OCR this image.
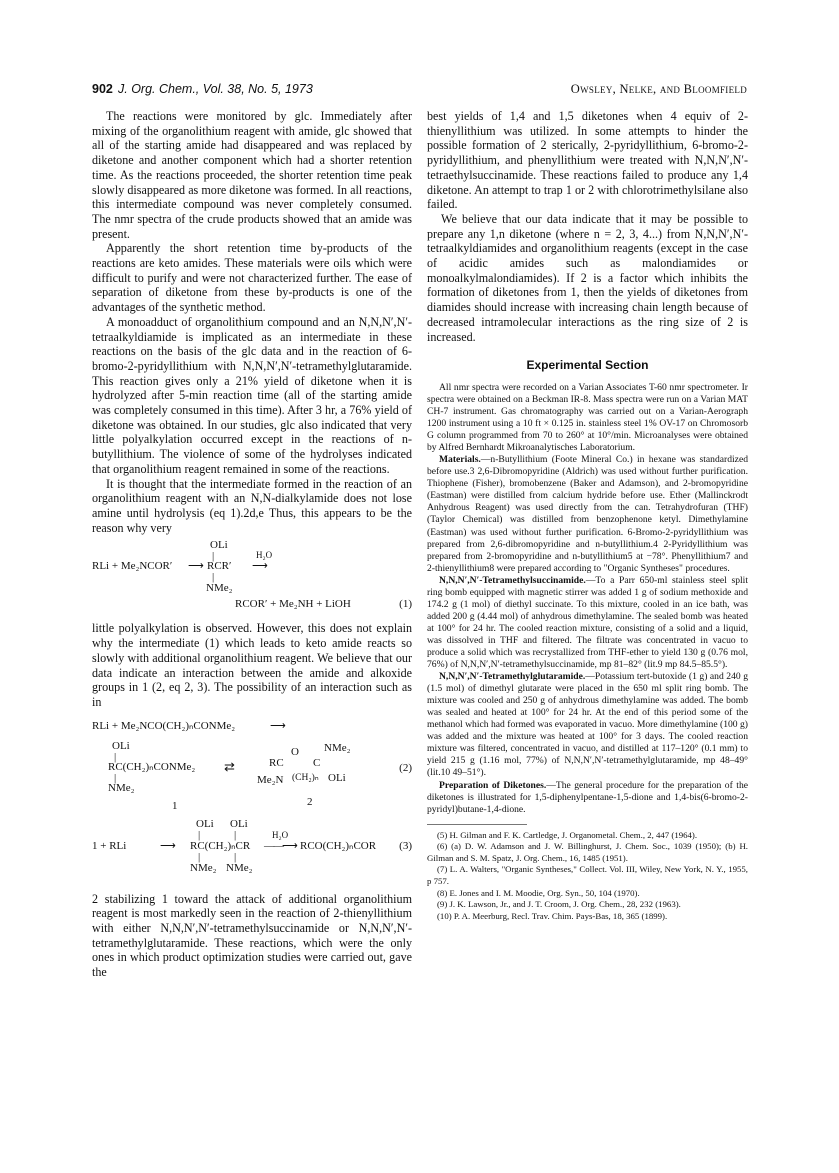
902 J. Org. Chem., Vol. 38, No. 5, 1973	Owsley, Nelke, and Bloomfield

The reactions were monitored by glc. Immediately after mixing of the organolithium reagent with amide, glc showed that all of the starting amide had disappeared and was replaced by diketone and another component which had a shorter retention time. As the reactions proceeded, the shorter retention time peak slowly disappeared as more diketone was formed. In all reactions, this intermediate compound was never completely consumed. The nmr spectra of the crude products showed that an amide was present.

Apparently the short retention time by-products of the reactions are keto amides. These materials were oils which were difficult to purify and were not characterized further. The ease of separation of diketone from these by-products is one of the advantages of the synthetic method.

A monoadduct of organolithium compound and an N,N,N′,N′-tetraalkyldiamide is implicated as an intermediate in these reactions on the basis of the glc data and in the reaction of 6-bromo-2-pyridyllithium with N,N,N′,N′-tetramethylglutaramide. This reaction gives only a 21% yield of diketone when it is hydrolyzed after 5-min reaction time (all of the starting amide was completely consumed in this time). After 3 hr, a 76% yield of diketone was obtained. In our studies, glc also indicated that very little polyalkylation occurred except in the reactions of n-butyllithium. The violence of some of the hydrolyses indicated that organolithium reagent remained in some of the reactions.

It is thought that the intermediate formed in the reaction of an organolithium reagent with an N,N-dialkylamide does not lose amine until hydrolysis (eq 1).2d,e Thus, this appears to be the reason why very

OLi
|
RLi + Me₂NCOR′ ⟶ RCR′
H₂O
⟶
|
NMe₂
RCOR′ + Me₂NH + LiOH	(1)

little polyalkylation is observed. However, this does not explain why the intermediate (1) which leads to keto amide reacts so slowly with additional organolithium reagent. We believe that our data indicate an interaction between the amide and alkoxide groups in 1 (2, eq 2, 3). The possibility of an interaction such as in

RLi + Me₂NCO(CH₂)ₙCONMe₂	⟶
OLi
|
RC(CH₂)ₙCONMe₂ ⇄
|
NMe₂
1
RC
O
C
NMe₂
Me₂N (CH₂)ₙ OLi
2
(2)
OLi OLi
|	|
1 + RLi	⟶ RC(CH₂)ₙCR
H₂O
——⟶ RCO(CH₂)ₙCOR (3)
|	|
NMe₂ NMe₂

2 stabilizing 1 toward the attack of additional organolithium reagent is most markedly seen in the reaction of 2-thienyllithium with either N,N,N′,N′-tetramethylsuccinamide or N,N,N′,N′-tetramethylglutaramide. These reactions, which were the only ones in which product optimization studies were carried out, gave the

best yields of 1,4 and 1,5 diketones when 4 equiv of 2-thienyllithium was utilized. In some attempts to hinder the possible formation of 2 sterically, 2-pyridyllithium, 6-bromo-2-pyridyllithium, and phenyllithium were treated with N,N,N′,N′-tetraethylsuccinamide. These reactions failed to produce any 1,4 diketone. An attempt to trap 1 or 2 with chlorotrimethylsilane also failed.

We believe that our data indicate that it may be possible to prepare any 1,n diketone (where n = 2, 3, 4...) from N,N,N′,N′-tetraalkyldiamides and organolithium reagents (except in the case of acidic amides such as malondiamides or monoalkylmalondiamides). If 2 is a factor which inhibits the formation of diketones from 1, then the yields of diketones from diamides should increase with increasing chain length because of decreased intramolecular interactions as the ring size of 2 is increased.

Experimental Section

All nmr spectra were recorded on a Varian Associates T-60 nmr spectrometer. Ir spectra were obtained on a Beckman IR-8. Mass spectra were run on a Varian MAT CH-7 instrument. Gas chromatography was carried out on a Varian-Aerograph 1200 instrument using a 10 ft × 0.125 in. stainless steel 1% OV-17 on Chromosorb G column programmed from 70 to 260° at 10°/min. Microanalyses were obtained by Alfred Bernhardt Mikroanalytisches Laboratorium.

Materials.—n-Butyllithium (Foote Mineral Co.) in hexane was standardized before use.3 2,6-Dibromopyridine (Aldrich) was used without further purification. Thiophene (Fisher), bromobenzene (Baker and Adamson), and 2-bromopyridine (Eastman) were distilled from calcium hydride before use. Ether (Mallinckrodt Anhydrous Reagent) was used directly from the can. Tetrahydrofuran (THF) (Taylor Chemical) was distilled from benzophenone ketyl. Dimethylamine (Eastman) was used without further purification. 6-Bromo-2-pyridyllithium was prepared from 2,6-dibromopyridine and n-butyllithium.4 2-Pyridyllithium was prepared from 2-bromopyridine and n-butyllithium5 at −78°. Phenyllithium7 and 2-thienyllithium8 were prepared according to "Organic Syntheses" procedures.

N,N,N′,N′-Tetramethylsuccinamide.—To a Parr 650-ml stainless steel split ring bomb equipped with magnetic stirrer was added 1 g of sodium methoxide and 174.2 g (1 mol) of diethyl succinate. To this mixture, cooled in an ice bath, was added 200 g (4.44 mol) of anhydrous dimethylamine. The sealed bomb was heated at 100° for 24 hr. The cooled reaction mixture, consisting of a solid and a liquid, was dissolved in THF and filtered. The filtrate was concentrated in vacuo to produce a solid which was recrystallized from THF-ether to yield 130 g (0.76 mol, 76%) of N,N,N′,N′-tetramethylsuccinamide, mp 81–82° (lit.9 mp 84.5–85.5°).

N,N,N′,N′-Tetramethylglutaramide.—Potassium tert-butoxide (1 g) and 240 g (1.5 mol) of dimethyl glutarate were placed in the 650 ml split ring bomb. The mixture was cooled and 250 g of anhydrous dimethylamine was added. The bomb was sealed and heated at 100° for 24 hr. At the end of this period some of the methanol which had formed was evaporated in vacuo. More dimethylamine (100 g) was added and the mixture was heated at 100° for 3 days. The cooled reaction mixture was filtered, concentrated in vacuo, and distilled at 117–120° (0.1 mm) to yield 215 g (1.16 mol, 77%) of N,N,N′,N′-tetramethylglutaramide, mp 48–49° (lit.10 49–51°).

Preparation of Diketones.—The general procedure for the preparation of the diketones is illustrated for 1,5-diphenylpentane-1,5-dione and 1,4-bis(6-bromo-2-pyridyl)butane-1,4-dione.

(5) H. Gilman and F. K. Cartledge, J. Organometal. Chem., 2, 447 (1964).
(6) (a) D. W. Adamson and J. W. Billinghurst, J. Chem. Soc., 1039 (1950); (b) H. Gilman and S. M. Spatz, J. Org. Chem., 16, 1485 (1951).
(7) L. A. Walters, "Organic Syntheses," Collect. Vol. III, Wiley, New York, N. Y., 1955, p 757.
(8) E. Jones and I. M. Moodie, Org. Syn., 50, 104 (1970).
(9) J. K. Lawson, Jr., and J. T. Croom, J. Org. Chem., 28, 232 (1963).
(10) P. A. Meerburg, Recl. Trav. Chim. Pays-Bas, 18, 365 (1899).
